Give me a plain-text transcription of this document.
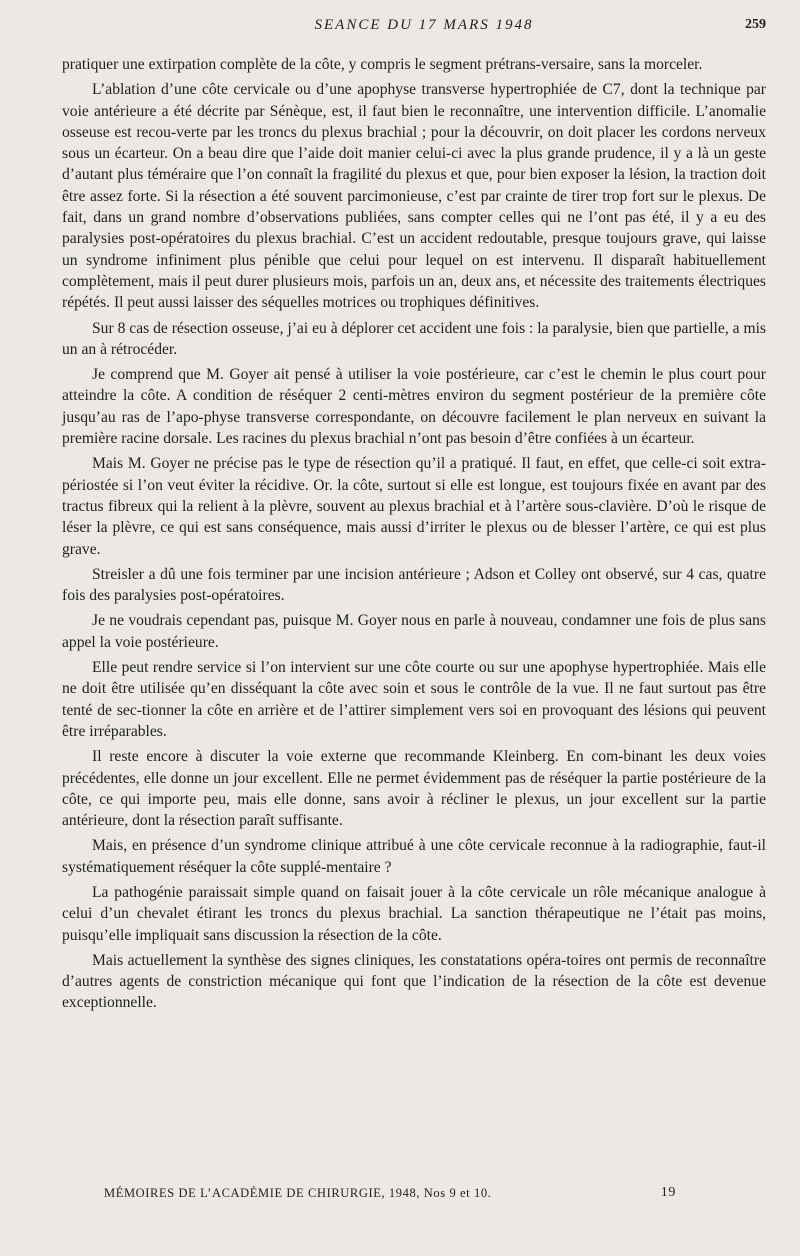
SEANCE DU 17 MARS 1948	259

pratiquer une extirpation complète de la côte, y compris le segment prétrans-versaire, sans la morceler.

L’ablation d’une côte cervicale ou d’une apophyse transverse hypertrophiée de C7, dont la technique par voie antérieure a été décrite par Sénèque, est, il faut bien le reconnaître, une intervention difficile. L’anomalie osseuse est recou-verte par les troncs du plexus brachial ; pour la découvrir, on doit placer les cordons nerveux sous un écarteur. On a beau dire que l’aide doit manier celui-ci avec la plus grande prudence, il y a là un geste d’autant plus téméraire que l’on connaît la fragilité du plexus et que, pour bien exposer la lésion, la traction doit être assez forte. Si la résection a été souvent parcimonieuse, c’est par crainte de tirer trop fort sur le plexus. De fait, dans un grand nombre d’observations publiées, sans compter celles qui ne l’ont pas été, il y a eu des paralysies post-opératoires du plexus brachial. C’est un accident redoutable, presque toujours grave, qui laisse un syndrome infiniment plus pénible que celui pour lequel on est intervenu. Il disparaît habituellement complètement, mais il peut durer plusieurs mois, parfois un an, deux ans, et nécessite des traitements électriques répétés. Il peut aussi laisser des séquelles motrices ou trophiques définitives.

Sur 8 cas de résection osseuse, j’ai eu à déplorer cet accident une fois : la paralysie, bien que partielle, a mis un an à rétrocéder.

Je comprend que M. Goyer ait pensé à utiliser la voie postérieure, car c’est le chemin le plus court pour atteindre la côte. A condition de réséquer 2 centi-mètres environ du segment postérieur de la première côte jusqu’au ras de l’apo-physe transverse correspondante, on découvre facilement le plan nerveux en suivant la première racine dorsale. Les racines du plexus brachial n’ont pas besoin d’être confiées à un écarteur.

Mais M. Goyer ne précise pas le type de résection qu’il a pratiqué. Il faut, en effet, que celle-ci soit extra-périostée si l’on veut éviter la récidive. Or. la côte, surtout si elle est longue, est toujours fixée en avant par des tractus fibreux qui la relient à la plèvre, souvent au plexus brachial et à l’artère sous-clavière. D’où le risque de léser la plèvre, ce qui est sans conséquence, mais aussi d’irriter le plexus ou de blesser l’artère, ce qui est plus grave.

Streisler a dû une fois terminer par une incision antérieure ; Adson et Colley ont observé, sur 4 cas, quatre fois des paralysies post-opératoires.

Je ne voudrais cependant pas, puisque M. Goyer nous en parle à nouveau, condamner une fois de plus sans appel la voie postérieure.

Elle peut rendre service si l’on intervient sur une côte courte ou sur une apophyse hypertrophiée. Mais elle ne doit être utilisée qu’en disséquant la côte avec soin et sous le contrôle de la vue. Il ne faut surtout pas être tenté de sec-tionner la côte en arrière et de l’attirer simplement vers soi en provoquant des lésions qui peuvent être irréparables.

Il reste encore à discuter la voie externe que recommande Kleinberg. En com-binant les deux voies précédentes, elle donne un jour excellent. Elle ne permet évidemment pas de réséquer la partie postérieure de la côte, ce qui importe peu, mais elle donne, sans avoir à récliner le plexus, un jour excellent sur la partie antérieure, dont la résection paraît suffisante.

Mais, en présence d’un syndrome clinique attribué à une côte cervicale reconnue à la radiographie, faut-il systématiquement réséquer la côte supplé-mentaire ?

La pathogénie paraissait simple quand on faisait jouer à la côte cervicale un rôle mécanique analogue à celui d’un chevalet étirant les troncs du plexus brachial. La sanction thérapeutique ne l’était pas moins, puisqu’elle impliquait sans discussion la résection de la côte.

Mais actuellement la synthèse des signes cliniques, les constatations opéra-toires ont permis de reconnaître d’autres agents de constriction mécanique qui font que l’indication de la résection de la côte est devenue exceptionnelle.

MÉMOIRES DE L’ACADÉMIE DE CHIRURGIE, 1948, Nos 9 et 10.	19
